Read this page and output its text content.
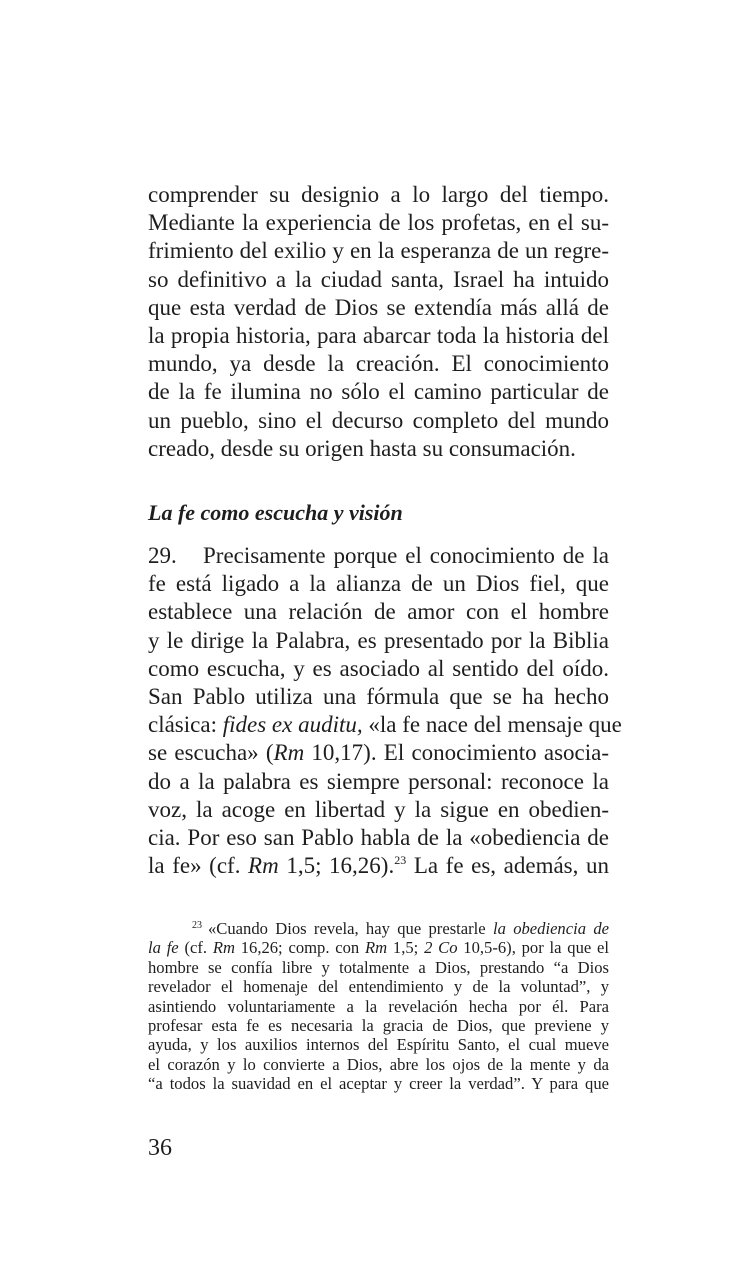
comprender su designio a lo largo del tiempo.
Mediante la experiencia de los profetas, en el su-
frimiento del exilio y en la esperanza de un regre-
so definitivo a la ciudad santa, Israel ha intuido
que esta verdad de Dios se extendía más allá de
la propia historia, para abarcar toda la historia del
mundo, ya desde la creación. El conocimiento
de la fe ilumina no sólo el camino particular de
un pueblo, sino el decurso completo del mundo
creado, desde su origen hasta su consumación.

La fe como escucha y visión

29. Precisamente porque el conocimiento de la
fe está ligado a la alianza de un Dios fiel, que
establece una relación de amor con el hombre
y le dirige la Palabra, es presentado por la Biblia
como escucha, y es asociado al sentido del oído.
San Pablo utiliza una fórmula que se ha hecho
clásica: fides ex auditu, «la fe nace del mensaje que
se escucha» (Rm 10,17). El conocimiento asocia-
do a la palabra es siempre personal: reconoce la
voz, la acoge en libertad y la sigue en obedien-
cia. Por eso san Pablo habla de la «obediencia de
la fe» (cf. Rm 1,5; 16,26).$^{23}$ La fe es, además, un

$^{23}$ «Cuando Dios revela, hay que prestarle la obediencia de
la fe (cf. Rm 16,26; comp. con Rm 1,5; 2 Co 10,5-6), por la que el
hombre se confía libre y totalmente a Dios, prestando “a Dios
revelador el homenaje del entendimiento y de la voluntad”, y
asintiendo voluntariamente a la revelación hecha por él. Para
profesar esta fe es necesaria la gracia de Dios, que previene y
ayuda, y los auxilios internos del Espíritu Santo, el cual mueve
el corazón y lo convierte a Dios, abre los ojos de la mente y da
“a todos la suavidad en el aceptar y creer la verdad”. Y para que
36
